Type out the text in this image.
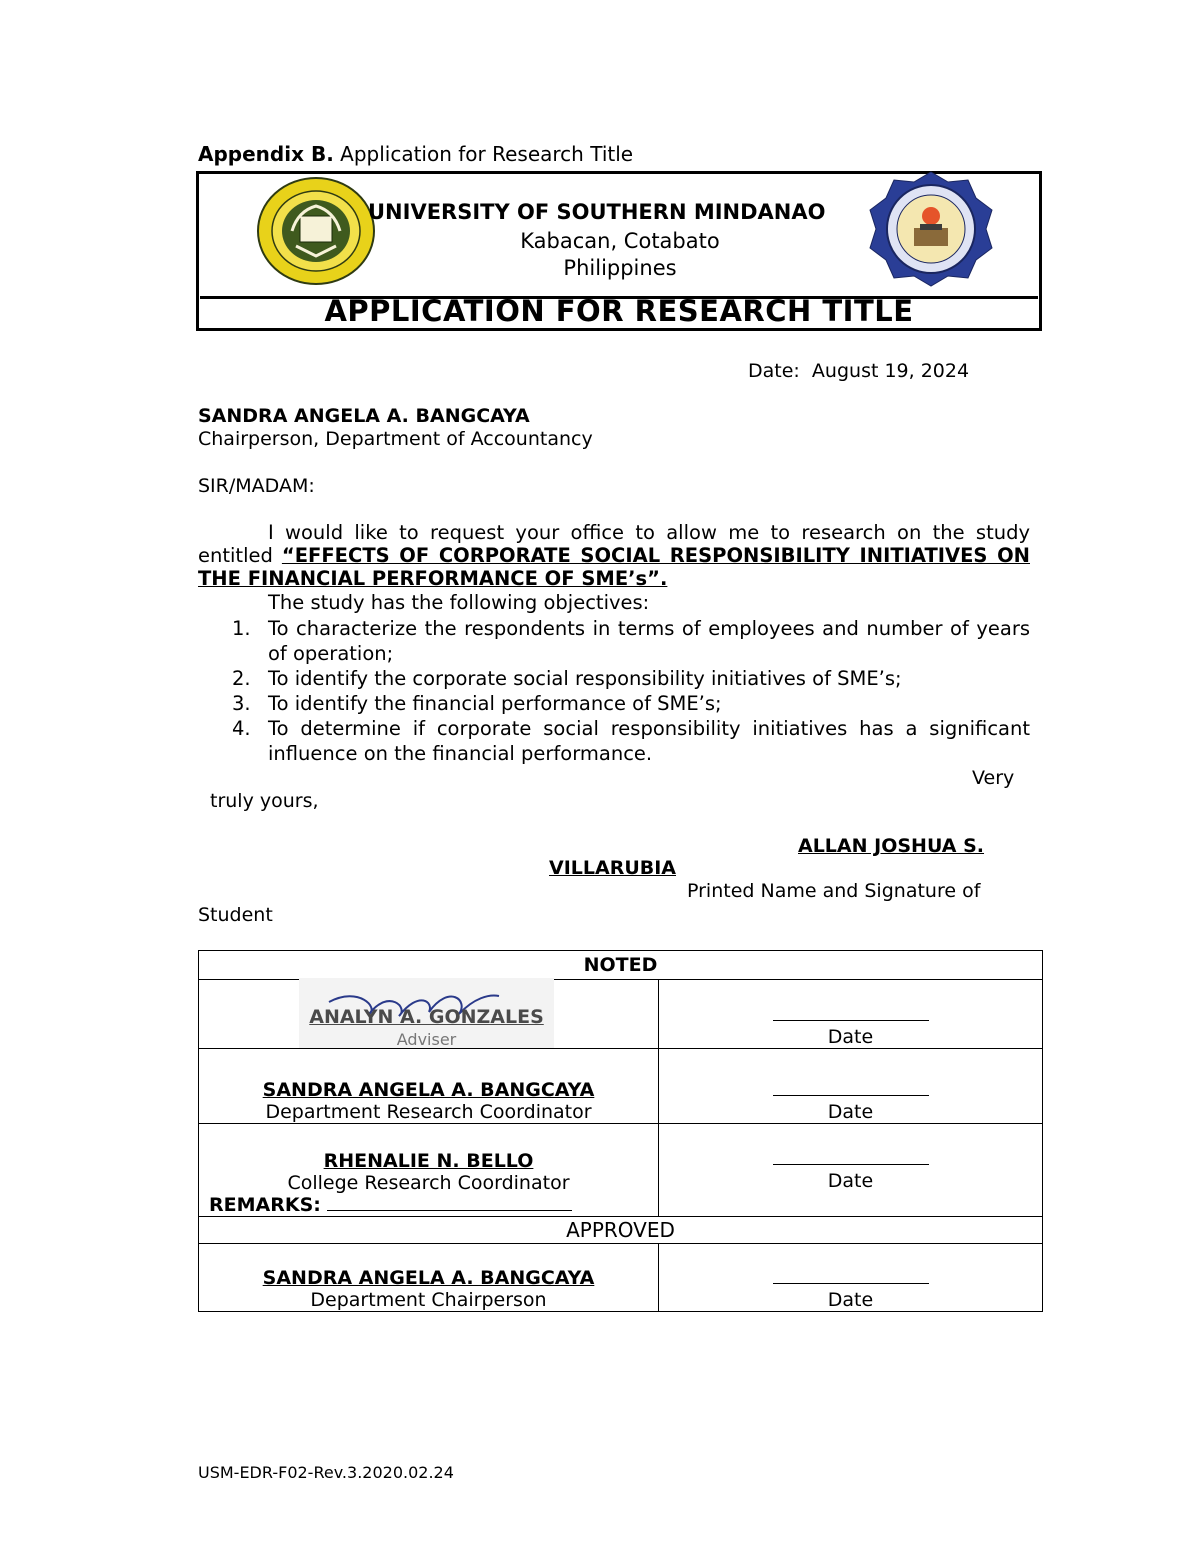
Appendix B. Application for Research Title
UNIVERSITY OF SOUTHERN MINDANAO
Kabacan, Cotabato
Philippines
APPLICATION FOR RESEARCH TITLE
Date: August 19, 2024
SANDRA ANGELA A. BANGCAYA
Chairperson, Department of Accountancy
SIR/MADAM:
I would like to request your office to allow me to research on the study entitled “EFFECTS OF CORPORATE SOCIAL RESPONSIBILITY INITIATIVES ON THE FINANCIAL PERFORMANCE OF SME’s”.
The study has the following objectives:
1. To characterize the respondents in terms of employees and number of years of operation;
2. To identify the corporate social responsibility initiatives of SME’s;
3. To identify the financial performance of SME’s;
4. To determine if corporate social responsibility initiatives has a significant influence on the financial performance.
Very
truly yours,
ALLAN JOSHUA S.
VILLARUBIA
Printed Name and Signature of
Student
NOTED	

ANALYN A. GONZALES
Adviser	Date

SANDRA ANGELA A. BANGCAYA
Department Research Coordinator	Date

RHENALIE N. BELLO
College Research Coordinator
REMARKS:	Date
APPROVED	

SANDRA ANGELA A. BANGCAYA
Department Chairperson	Date
USM-EDR-F02-Rev.3.2020.02.24
